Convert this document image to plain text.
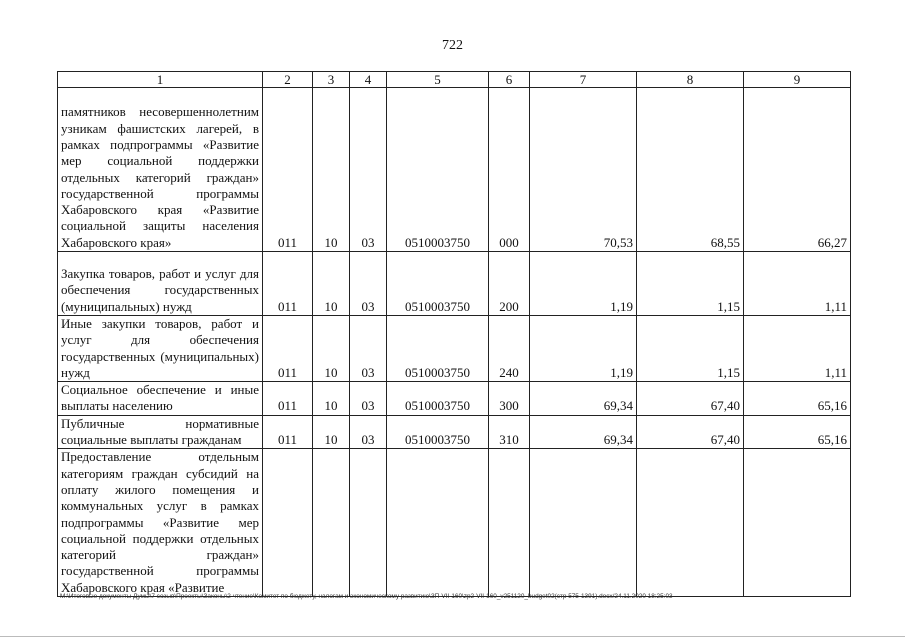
722
1	2	3	4	5	6	7	8	9
памятников несовершеннолетним узникам фашистских лагерей, в рамках подпрограммы «Развитие мер социальной поддержки отдельных категорий граждан» государственной программы Хабаровского края «Развитие социальной защиты населения Хабаровского края»	011	10	03	0510003750	000	70,53	68,55	66,27
Закупка товаров, работ и услуг для обеспечения государственных (муниципальных) нужд	011	10	03	0510003750	200	1,19	1,15	1,11
Иные закупки товаров, работ и услуг для обеспечения государственных (муниципальных) нужд	011	10	03	0510003750	240	1,19	1,15	1,11
Социальное обеспечение и иные выплаты населению	011	10	03	0510003750	300	69,34	67,40	65,16
Публичные нормативные социальные выплаты гражданам	011	10	03	0510003750	310	69,34	67,40	65,16
Предоставление отдельным категориям граждан субсидий на оплату жилого помещения и коммунальных услуг в рамках подпрограммы «Развитие мер социальной поддержки отдельных категорий граждан» государственной программы Хабаровского края «Развитие								
M:\Итоговые документы Думы\7 созыв\Проекты\Законы\2 чтение\Комитет по бюджету, налогам и экономическому развитию\ЗП-VII-160\zp2-VII-160_v251120_budget02(стр 575-1391).docx/24.11.2020 18:25:03
